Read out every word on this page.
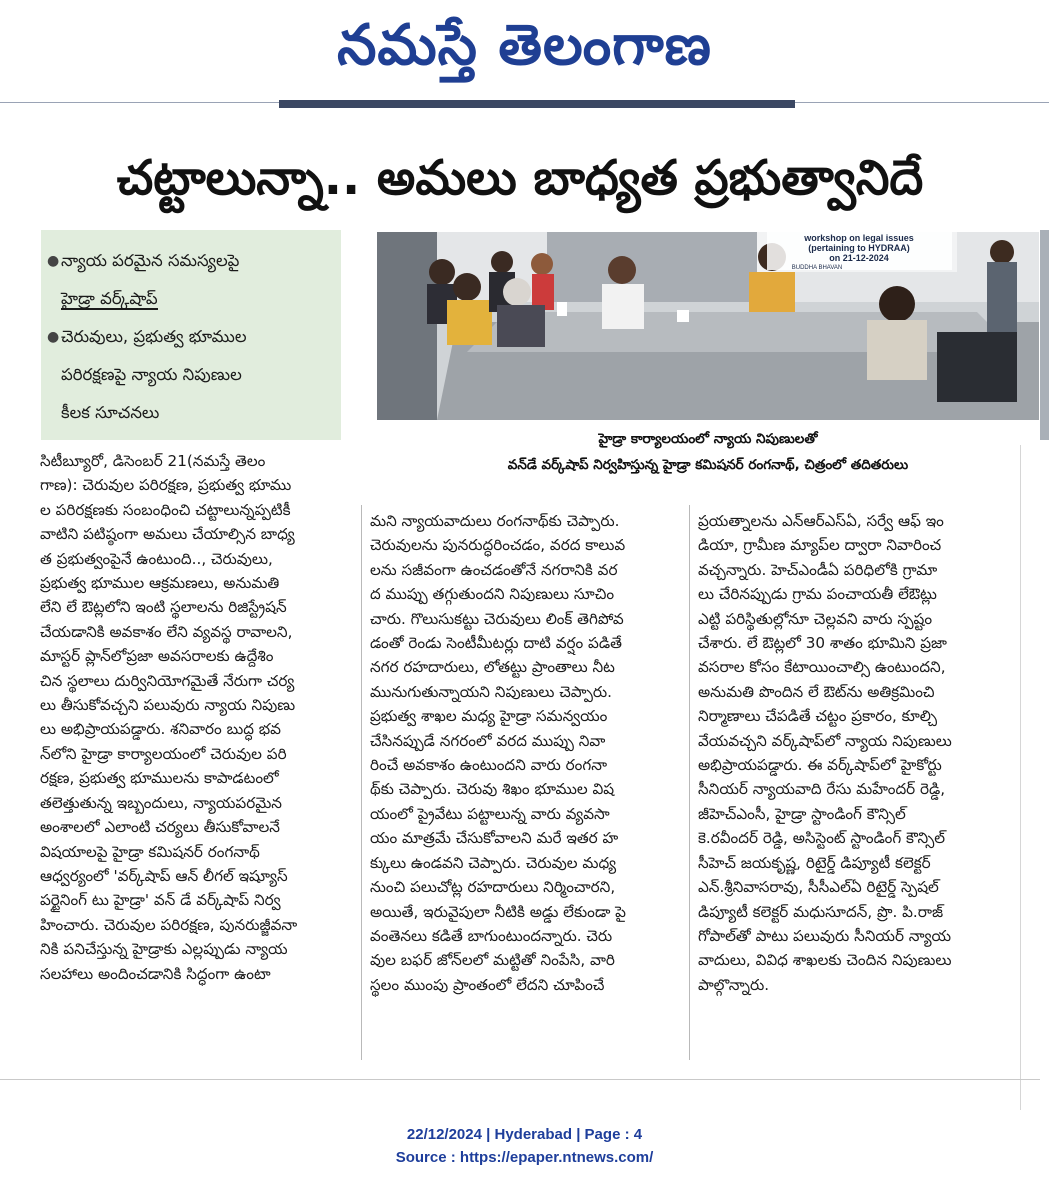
నమస్తే తెలంగాణ
చట్టాలున్నా.. అమలు బాధ్యత ప్రభుత్వానిదే
● న్యాయ పరమైన సమస్యలపై
హైడ్రా వర్క్‌షాప్
● చెరువులు, ప్రభుత్వ భూముల
పరిరక్షణపై న్యాయ నిపుణుల
కీలక సూచనలు
workshop on legal issues
(pertaining to HYDRAA)
on 21-12-2024
BUDDHA BHAVAN
హైడ్రా కార్యాలయంలో న్యాయ నిపుణులతో
వన్‌డే వర్క్‌షాప్ నిర్వహిస్తున్న హైడ్రా కమిషనర్ రంగనాథ్, చిత్రంలో తదితరులు
సిటీబ్యూరో, డిసెంబర్ 21(నమస్తే తెలం
గాణ): చెరువుల పరిరక్షణ, ప్రభుత్వ భూము
ల పరిరక్షణకు సంబంధించి చట్టాలున్నప్పటికీ
వాటిని పటిష్ఠంగా అమలు చేయాల్సిన బాధ్య
త ప్రభుత్వంపైనే ఉంటుంది.., చెరువులు,
ప్రభుత్వ భూముల ఆక్రమణలు, అనుమతి
లేని లే ఔట్లలోని ఇంటి స్థలాలను రిజిస్ట్రేషన్
చేయడానికి అవకాశం లేని వ్యవస్థ రావాలని,
మాస్టర్ ప్లాన్‌లోప్రజా అవసరాలకు ఉద్దేశిం
చిన స్థలాలు దుర్వినియోగమైతే నేరుగా చర్య
లు తీసుకోవచ్చని పలువురు న్యాయ నిపుణు
లు అభిప్రాయపడ్డారు. శనివారం బుద్ధ భవ
న్‌లోని హైడ్రా కార్యాలయంలో చెరువుల పరి
రక్షణ, ప్రభుత్వ భూములను కాపాడటంలో
తలెత్తుతున్న ఇబ్బందులు, న్యాయపరమైన
అంశాలలో ఎలాంటి చర్యలు తీసుకోవాలనే
విషయాలపై హైడ్రా కమిషనర్ రంగనాథ్
ఆధ్వర్యంలో 'వర్క్‌షాప్ ఆన్ లీగల్ ఇష్యూస్
పర్టైనింగ్ టు హైడ్రా' వన్ డే వర్క్‌షాప్ నిర్వ
హించారు. చెరువుల పరిరక్షణ, పునరుజ్జీవనా
నికి పనిచేస్తున్న హైడ్రాకు ఎల్లప్పుడు న్యాయ
సలహాలు అందించడానికి సిద్ధంగా ఉంటా
మని న్యాయవాదులు రంగనాథ్‌కు చెప్పారు.
చెరువులను పునరుద్ధరించడం, వరద కాలువ
లను సజీవంగా ఉంచడంతోనే నగరానికి వర
ద ముప్పు తగ్గుతుందని నిపుణులు సూచిం
చారు. గొలుసుకట్టు చెరువులు లింక్ తెగిపోవ
డంతో రెండు సెంటీమీటర్లు దాటి వర్షం పడితే
నగర రహదారులు, లోతట్టు ప్రాంతాలు నీట
మునుగుతున్నాయని నిపుణులు చెప్పారు.
ప్రభుత్వ శాఖల మధ్య హైడ్రా సమన్వయం
చేసినప్పుడే నగరంలో వరద ముప్పు నివా
రించే అవకాశం ఉంటుందని వారు రంగనా
థ్‌కు చెప్పారు. చెరువు శిఖం భూముల విష
యంలో ప్రైవేటు పట్టాలున్న వారు వ్యవసా
యం మాత్రమే చేసుకోవాలని మరే ఇతర హ
క్కులు ఉండవని చెప్పారు. చెరువుల మధ్య
నుంచి పలుచోట్ల రహదారులు నిర్మించారని,
అయితే, ఇరువైపులా నీటికి అడ్డు లేకుండా పై
వంతెనలు కడితే బాగుంటుందన్నారు. చెరు
వుల బఫర్ జోన్‌లలో మట్టితో నింపేసి, వారి
స్థలం ముంపు ప్రాంతంలో లేదని చూపించే
ప్రయత్నాలను ఎన్ఆర్ఎస్ఏ, సర్వే ఆఫ్ ఇం
డియా, గ్రామీణ మ్యాప్‌ల ద్వారా నివారించ
వచ్చన్నారు. హెచ్ఎండీఏ పరిధిలోకి గ్రామా
లు చేరినప్పుడు గ్రామ పంచాయతీ లేఔట్లు
ఎట్టి పరిస్థితుల్లోనూ చెల్లవని వారు స్పష్టం
చేశారు. లే ఔట్లలో 30 శాతం భూమిని ప్రజా
వసరాల కోసం కేటాయించాల్సి ఉంటుందని,
అనుమతి పొందిన లే ఔట్‌ను అతిక్రమించి
నిర్మాణాలు చేపడితే చట్టం ప్రకారం, కూల్చి
వేయవచ్చని వర్క్‌షాప్‌లో న్యాయ నిపుణులు
అభిప్రాయపడ్డారు. ఈ వర్క్‌షాప్‌లో హైకోర్టు
సీనియర్ న్యాయవాది రేసు మహేందర్ రెడ్డి,
జీహెచ్ఎంసీ, హైడ్రా స్టాండింగ్ కౌన్సిల్
కె.రవీందర్ రెడ్డి, అసిస్టెంట్ స్టాండింగ్ కౌన్సిల్
సీహెచ్ జయకృష్ణ, రిటైర్డ్ డిప్యూటీ కలెక్టర్
ఎన్.శ్రీనివాసరావు, సీసీఎల్ఏ రిటైర్డ్ స్పెషల్
డిప్యూటీ కలెక్టర్ మధుసూదన్, ప్రొ. పి.రాజ్
గోపాల్‌తో పాటు పలువురు సీనియర్ న్యాయ
వాదులు, వివిధ శాఖలకు చెందిన నిపుణులు
పాల్గొన్నారు.
22/12/2024 | Hyderabad | Page : 4
Source : https://epaper.ntnews.com/
